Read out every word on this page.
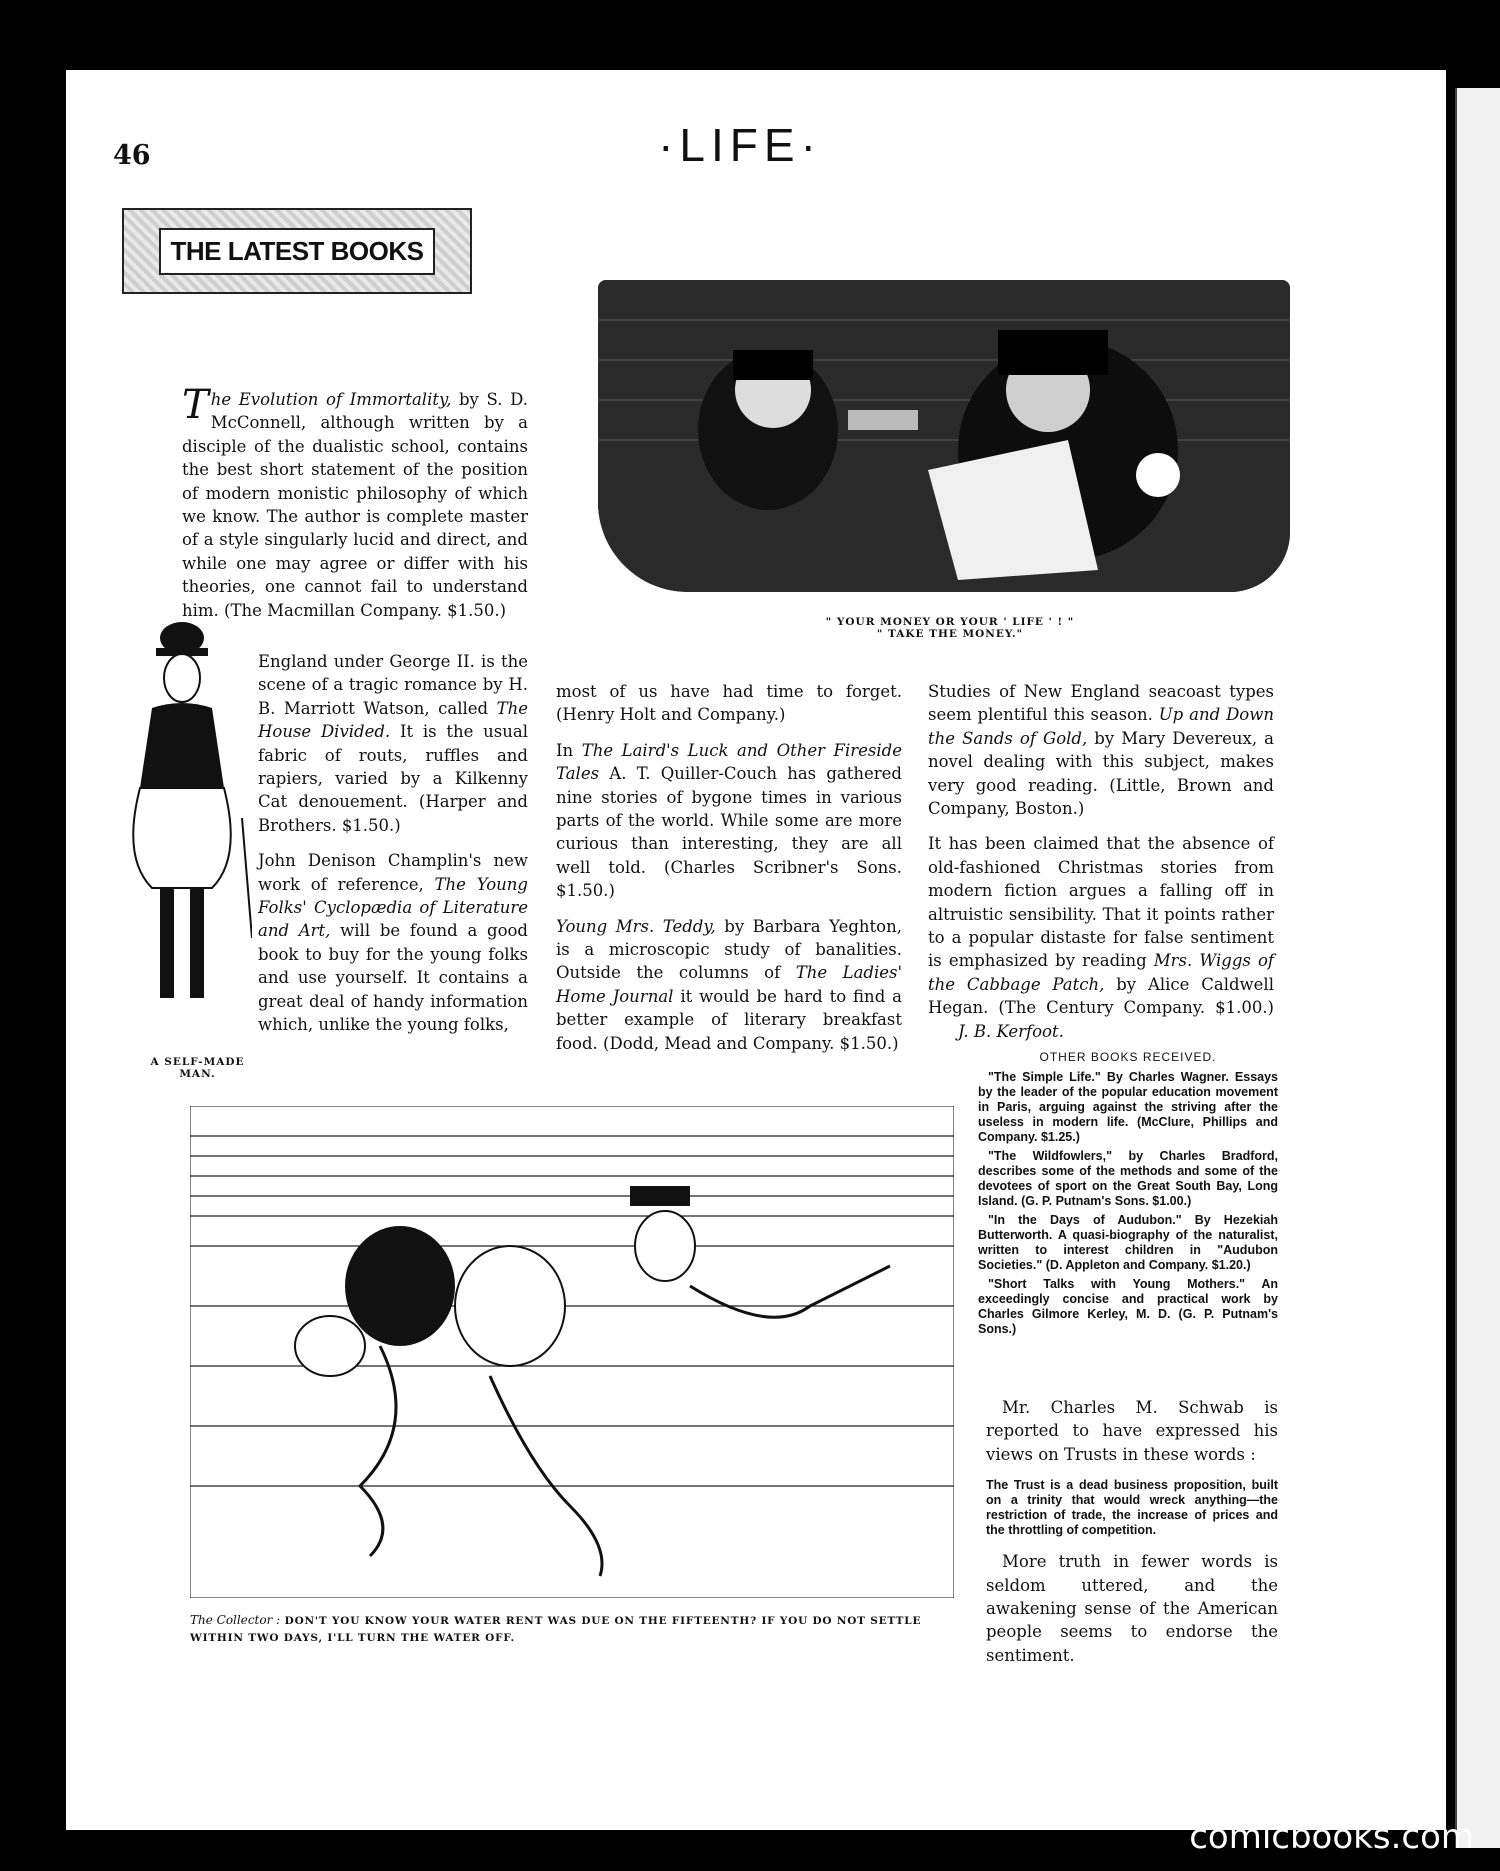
46	·LIFE·
THE LATEST BOOKS
" YOUR MONEY OR YOUR ' LIFE ' ! "
" TAKE THE MONEY."

The Evolution of Immortality, by S. D. McConnell, although written by a disciple of the dualistic school, contains the best short statement of the position of modern monistic philosophy of which we know. The author is complete master of a style singularly lucid and direct, and while one may agree or differ with his theories, one cannot fail to understand him. (The Macmillan Company. $1.50.)

A SELF-MADE
MAN.

England under George II. is the scene of a tragic romance by H. B. Marriott Watson, called The House Divided. It is the usual fabric of routs, ruffles and rapiers, varied by a Kilkenny Cat denouement. (Harper and Brothers. $1.50.)

John Denison Champlin's new work of reference, The Young Folks' Cyclopædia of Literature and Art, will be found a good book to buy for the young folks and use yourself. It contains a great deal of handy information which, unlike the young folks,

most of us have had time to forget. (Henry Holt and Company.)

In The Laird's Luck and Other Fireside Tales A. T. Quiller-Couch has gathered nine stories of bygone times in various parts of the world. While some are more curious than interesting, they are all well told. (Charles Scribner's Sons. $1.50.)

Young Mrs. Teddy, by Barbara Yeghton, is a microscopic study of banalities. Outside the columns of The Ladies' Home Journal it would be hard to find a better example of literary breakfast food. (Dodd, Mead and Company. $1.50.)

Studies of New England seacoast types seem plentiful this season. Up and Down the Sands of Gold, by Mary Devereux, a novel dealing with this subject, makes very good reading. (Little, Brown and Company, Boston.)

It has been claimed that the absence of old-fashioned Christmas stories from modern fiction argues a falling off in altruistic sensibility. That it points rather to a popular distaste for false sentiment is emphasized by reading Mrs. Wiggs of the Cabbage Patch, by Alice Caldwell Hegan. (The Century Company. $1.00.) J. B. Kerfoot.

OTHER BOOKS RECEIVED.
"The Simple Life." By Charles Wagner. Essays by the leader of the popular education movement in Paris, arguing against the striving after the useless in modern life. (McClure, Phillips and Company. $1.25.)
"The Wildfowlers," by Charles Bradford, describes some of the methods and some of the devotees of sport on the Great South Bay, Long Island. (G. P. Putnam's Sons. $1.00.)
"In the Days of Audubon." By Hezekiah Butterworth. A quasi-biography of the naturalist, written to interest children in "Audubon Societies." (D. Appleton and Company. $1.20.)
"Short Talks with Young Mothers." An exceedingly concise and practical work by Charles Gilmore Kerley, M. D. (G. P. Putnam's Sons.)

Mr. Charles M. Schwab is reported to have expressed his views on Trusts in these words :

The Trust is a dead business proposition, built on a trinity that would wreck anything—the restriction of trade, the increase of prices and the throttling of competition.

More truth in fewer words is seldom uttered, and the awakening sense of the American people seems to endorse the sentiment.

The Collector : DON'T YOU KNOW YOUR WATER RENT WAS DUE ON THE FIFTEENTH? IF YOU DO NOT SETTLE WITHIN TWO DAYS, I'LL TURN THE WATER OFF.
comicbooks.com
